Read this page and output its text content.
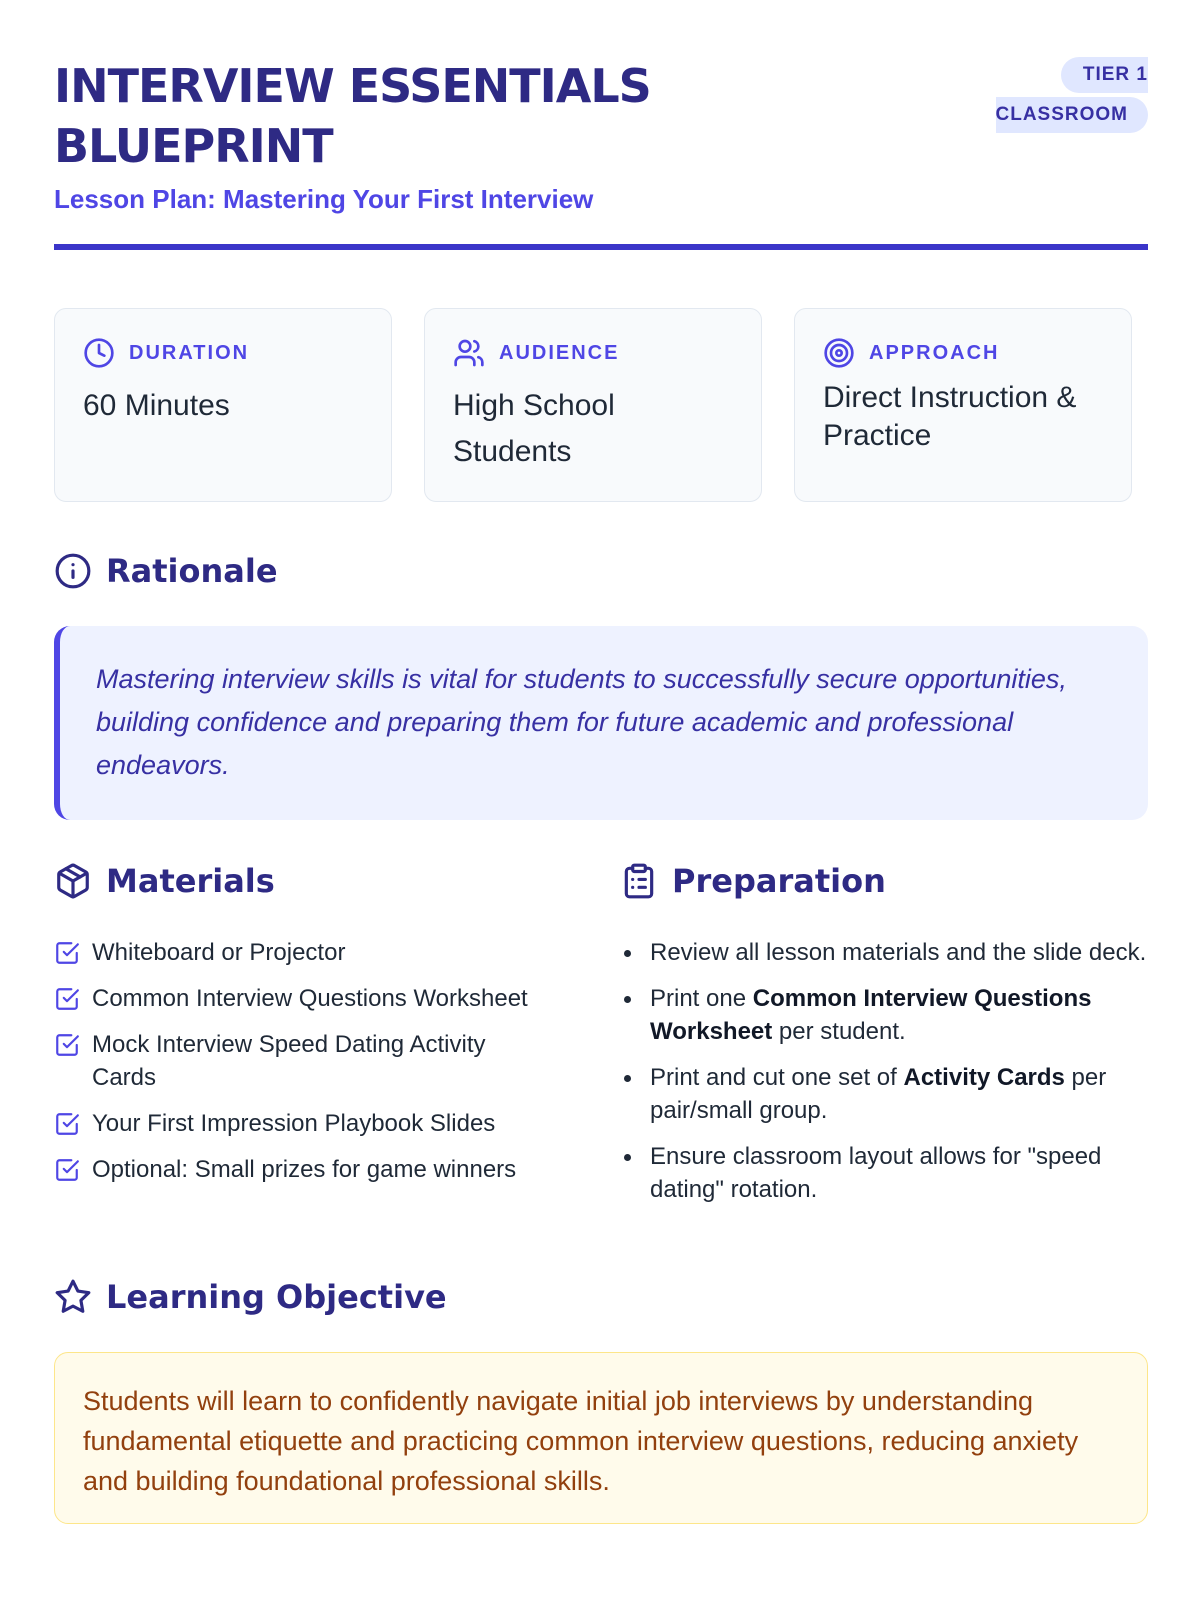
INTERVIEW ESSENTIALS
BLUEPRINT
Lesson Plan: Mastering Your First Interview
TIER 1
CLASSROOM
DURATION
60 Minutes
AUDIENCE
High School Students
APPROACH
Direct Instruction & Practice
Rationale

Mastering interview skills is vital for students to successfully secure opportunities, building confidence and preparing them for future academic and professional endeavors.

Materials
Whiteboard or Projector
Common Interview Questions Worksheet
Mock Interview Speed Dating Activity Cards
Your First Impression Playbook Slides
Optional: Small prizes for game winners
Preparation
Review all lesson materials and the slide deck.
Print one Common Interview Questions Worksheet per student.
Print and cut one set of Activity Cards per pair/small group.
Ensure classroom layout allows for "speed dating" rotation.
Learning Objective

Students will learn to confidently navigate initial job interviews by understanding fundamental etiquette and practicing common interview questions, reducing anxiety and building foundational professional skills.
